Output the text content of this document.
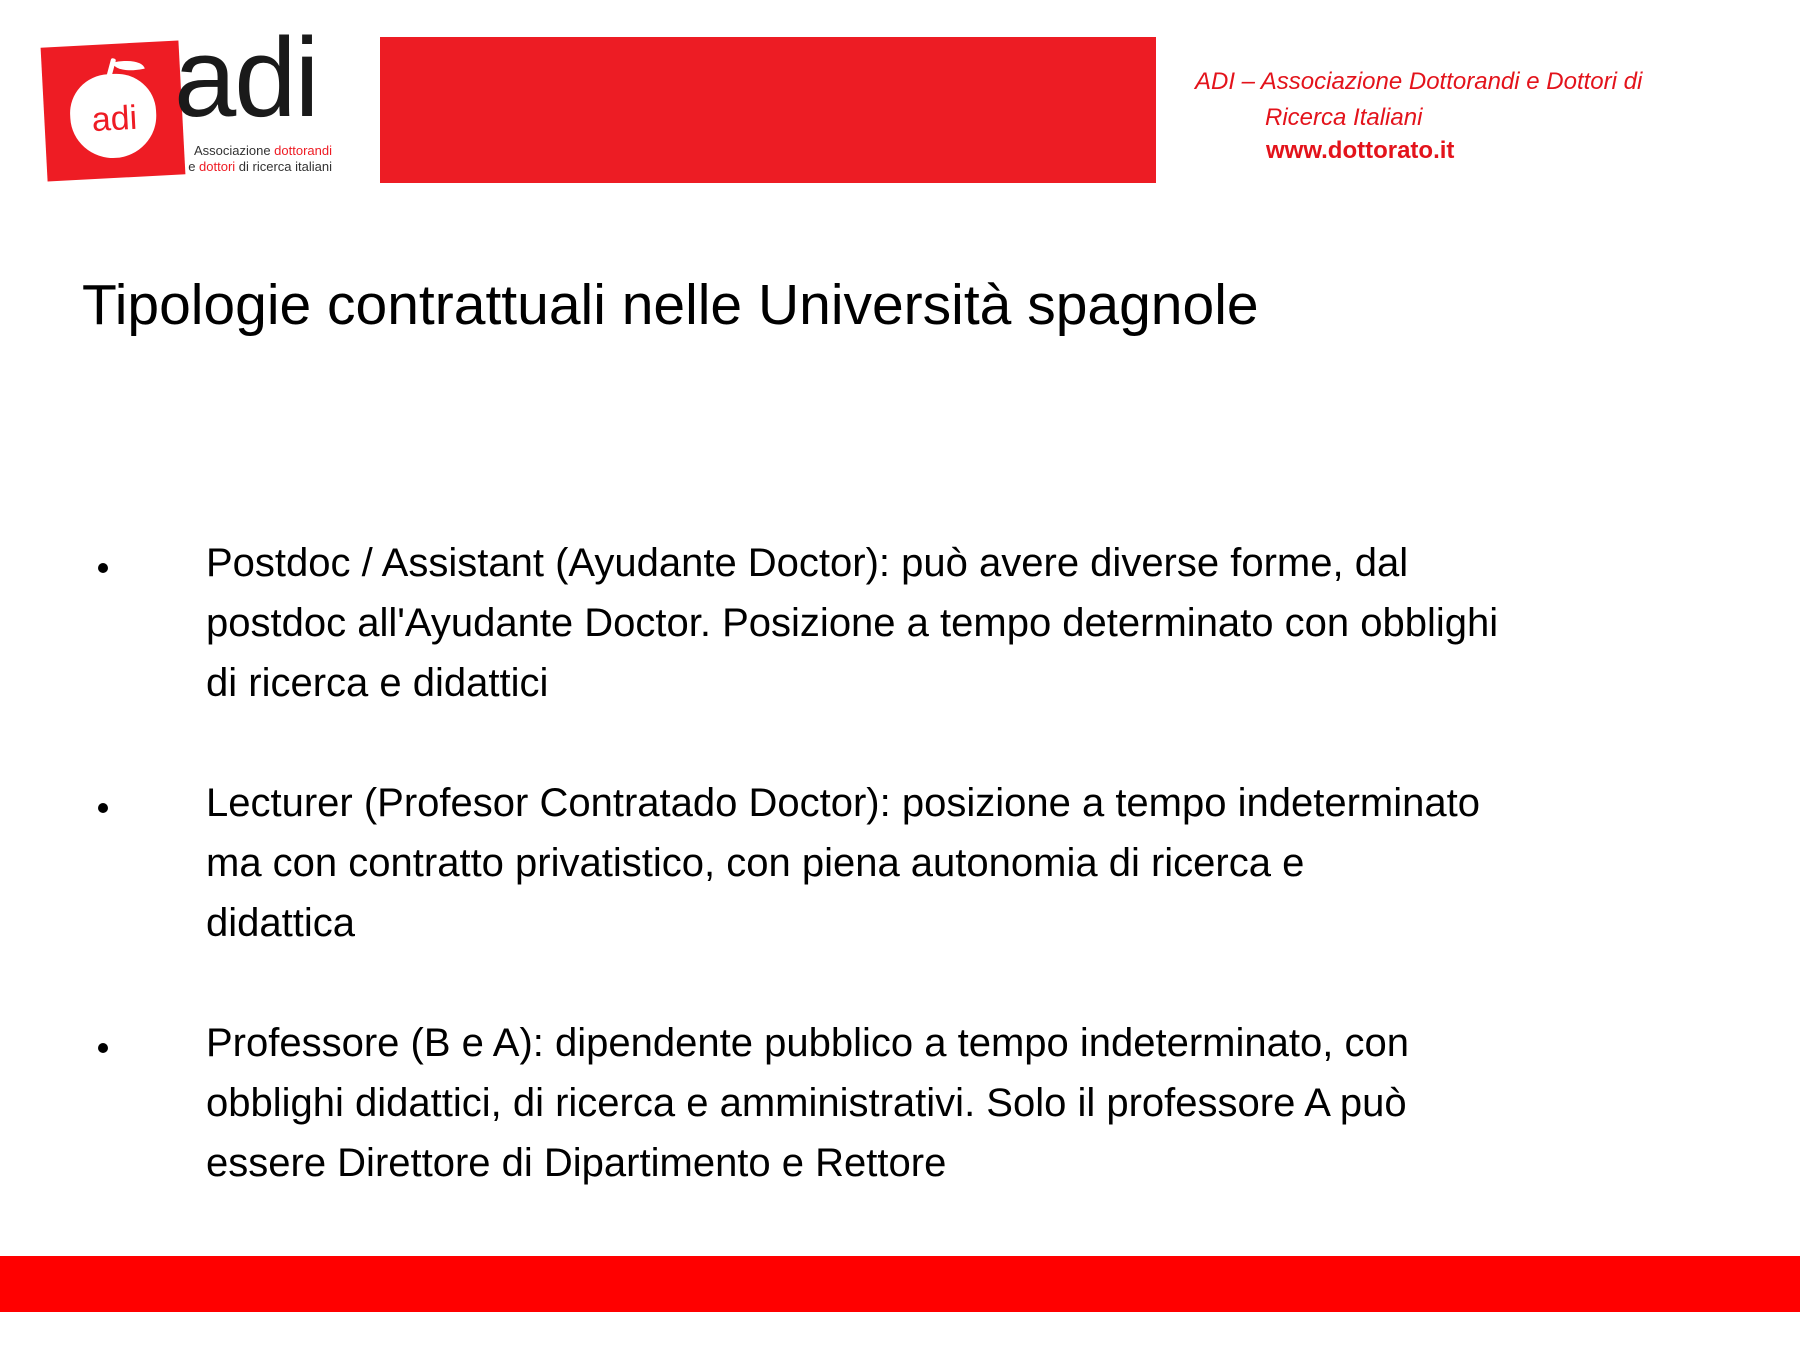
adi adi
Associazione dottorandi
e dottori di ricerca italiani
ADI – Associazione Dottorandi e Dottori di
Ricerca Italiani
www.dottorato.it
Tipologie contrattuali nelle Università spagnole
Postdoc / Assistant (Ayudante Doctor): può avere diverse forme, dal
postdoc all'Ayudante Doctor. Posizione a tempo determinato con obblighi
di ricerca e didattici
Lecturer (Profesor Contratado Doctor): posizione a tempo indeterminato
ma con contratto privatistico, con piena autonomia di ricerca e
didattica
Professore (B e A): dipendente pubblico a tempo indeterminato, con
obblighi didattici, di ricerca e amministrativi. Solo il professore A può
essere Direttore di Dipartimento e Rettore
